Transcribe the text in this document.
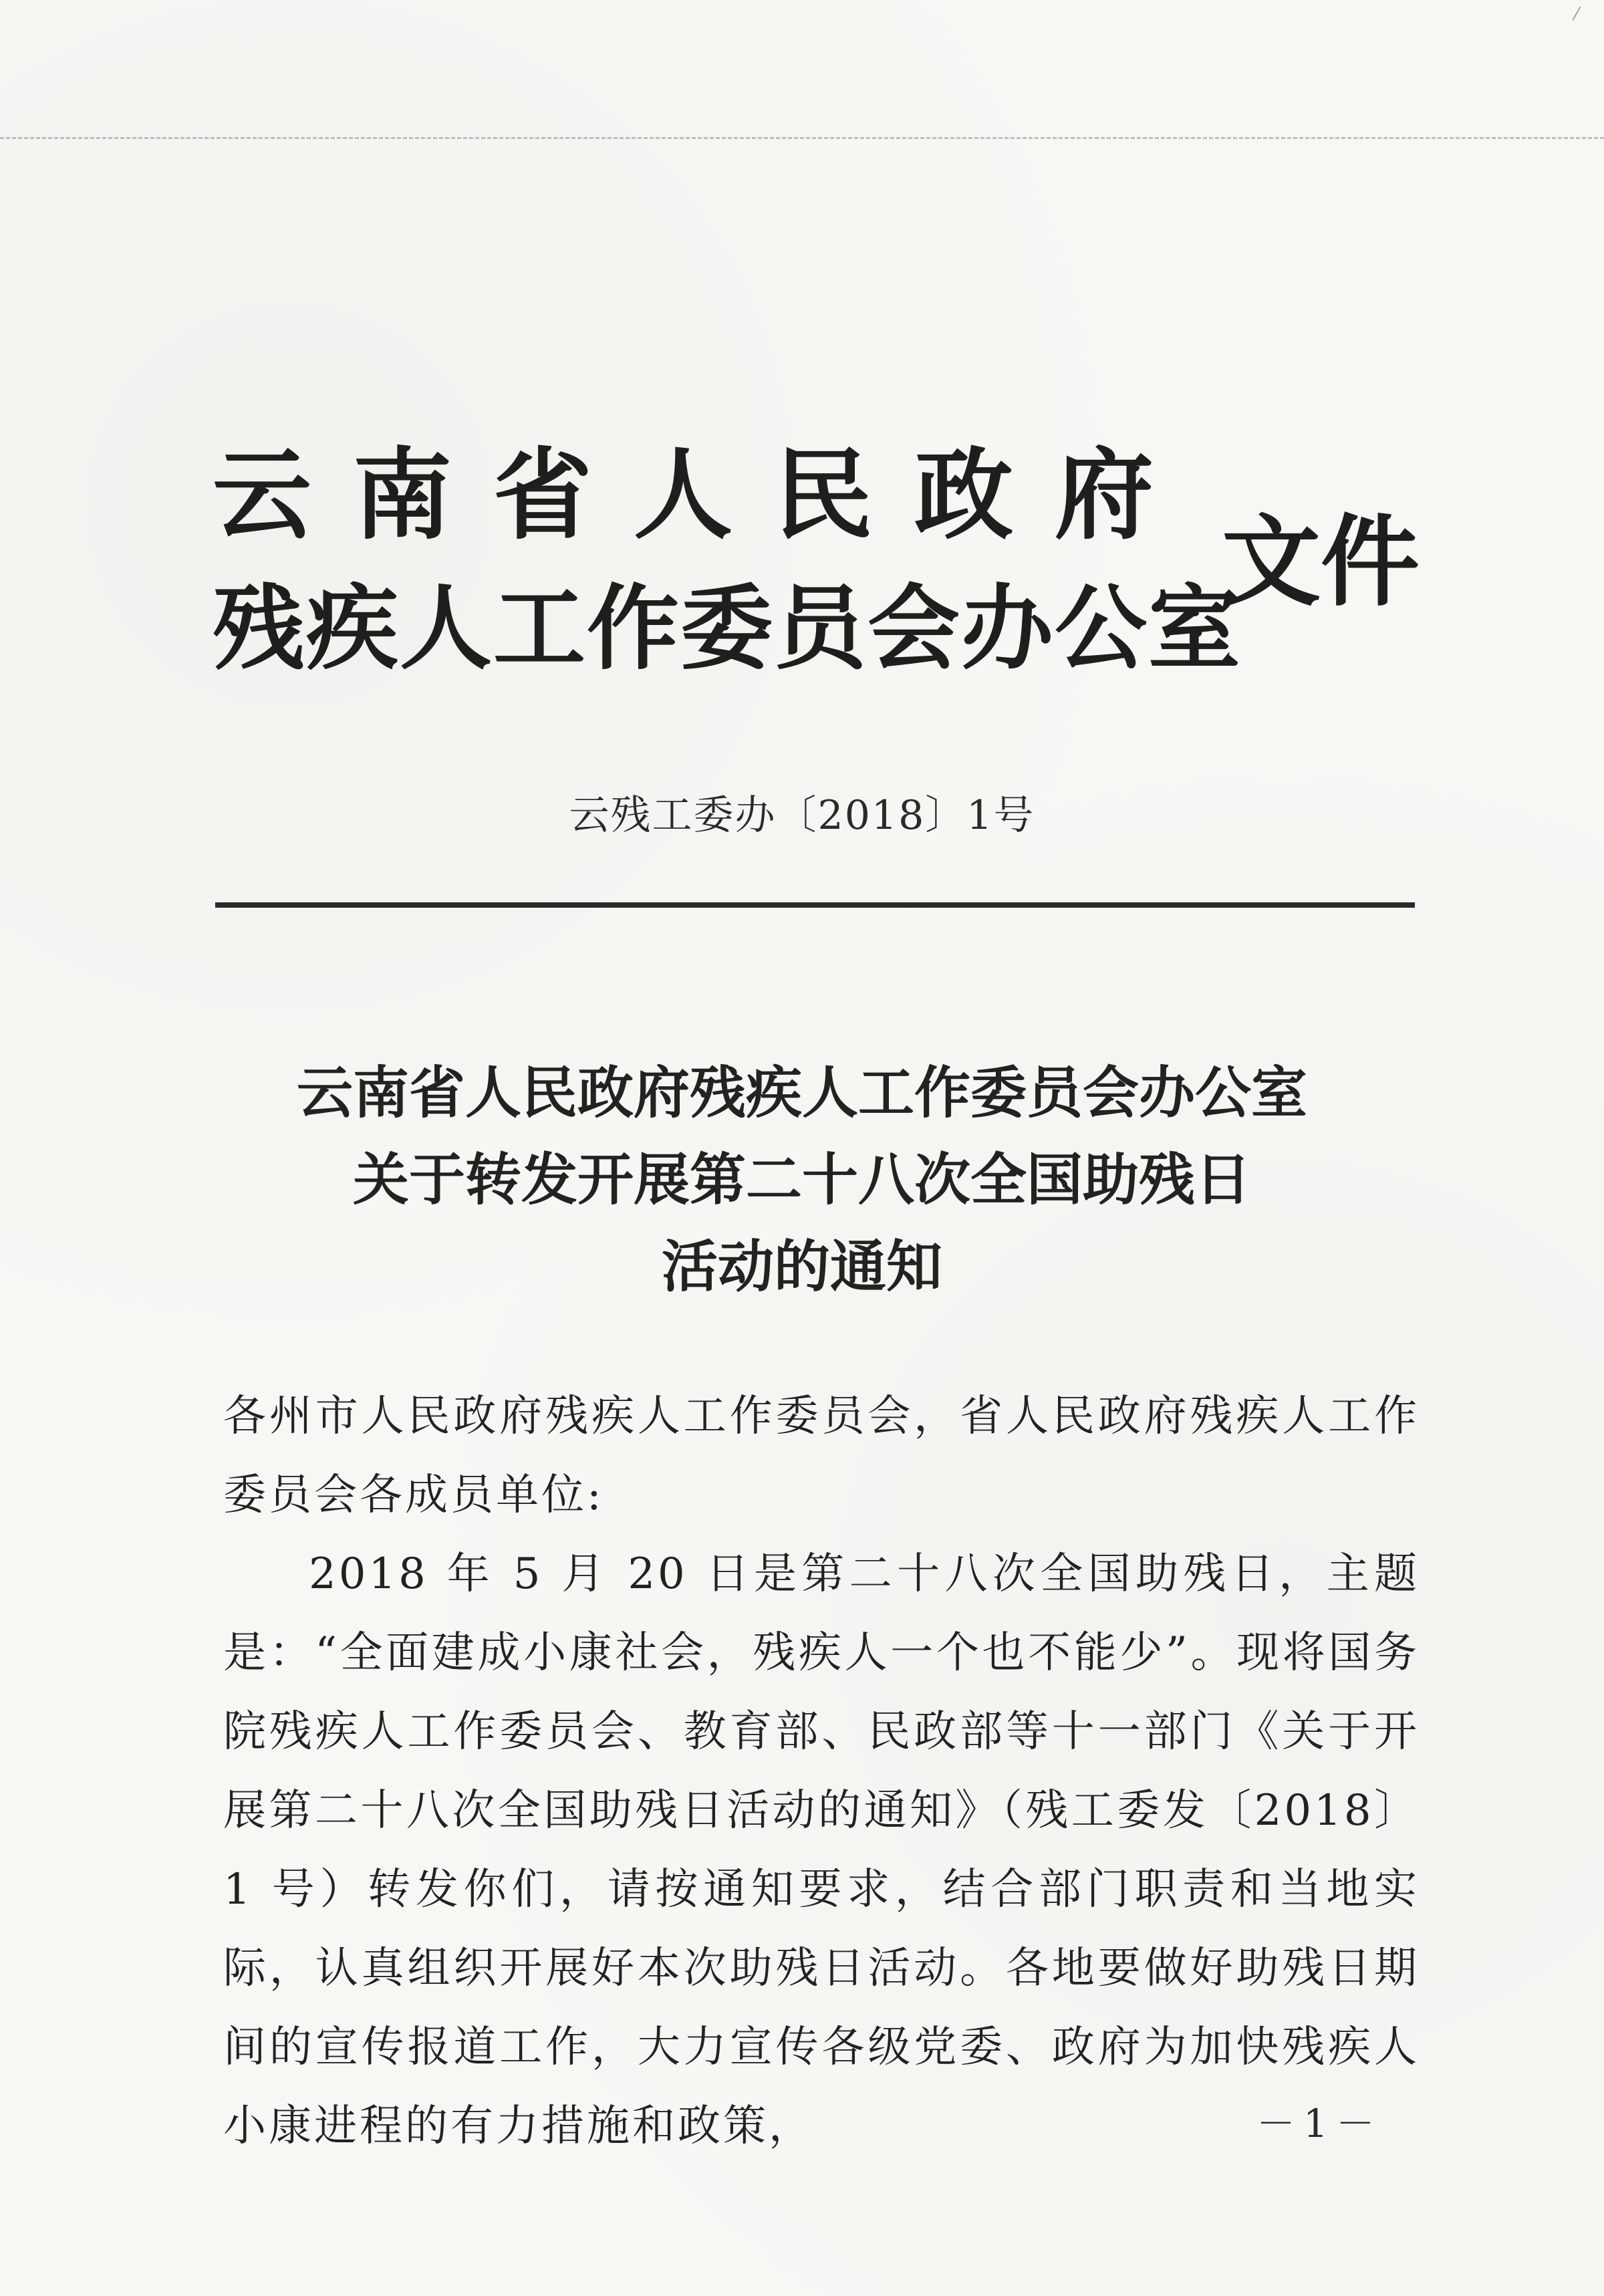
云南省人民政府
残疾人工作委员会办公室
文件
云残工委办〔2018〕1号
云南省人民政府残疾人工作委员会办公室
关于转发开展第二十八次全国助残日
活动的通知

各州市人民政府残疾人工作委员会，省人民政府残疾人工作委员会各成员单位:

2018 年 5 月 20 日是第二十八次全国助残日，主题是：“全面建成小康社会，残疾人一个也不能少”。现将国务院残疾人工作委员会、教育部、民政部等十一部门《关于开展第二十八次全国助残日活动的通知》（残工委发〔2018〕1 号）转发你们，请按通知要求，结合部门职责和当地实际，认真组织开展好本次助残日活动。各地要做好助残日期间的宣传报道工作，大力宣传各级党委、政府为加快残疾人小康进程的有力措施和政策，	－1－
